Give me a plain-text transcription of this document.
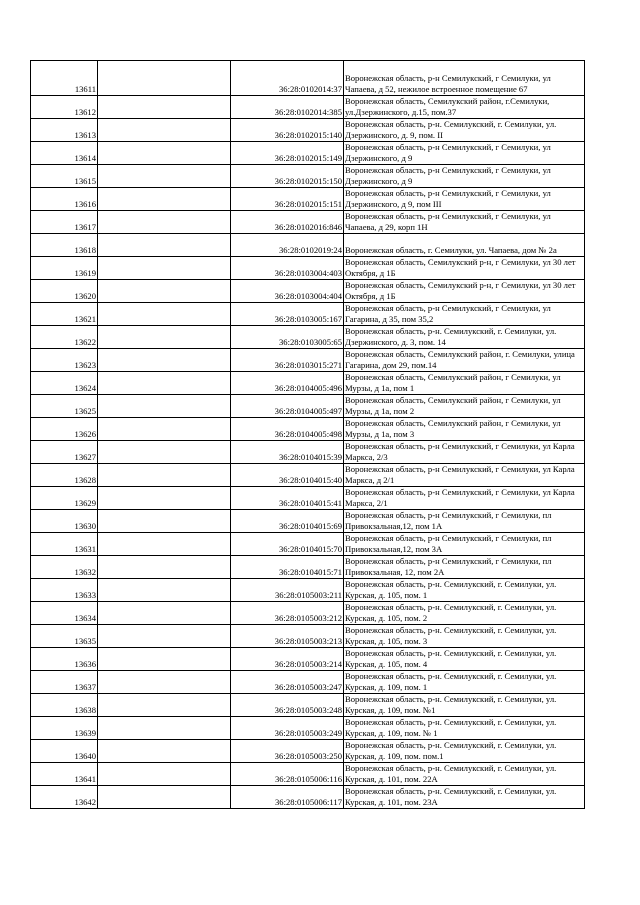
13611		36:28:0102014:37	Воронежская область, р-н Семилукский, г Семилуки, ул Чапаева, д 52, нежилое встроенное помещение 67
13612		36:28:0102014:385	Воронежская область, Семилукский район, г.Семилуки, ул.Дзержинского, д.15, пом.37
13613		36:28:0102015:140	Воронежская область, р-н. Семилукский, г. Семилуки, ул. Дзержинского, д. 9, пом. II
13614		36:28:0102015:149	Воронежская область, р-н Семилукский, г Семилуки, ул Дзержинского, д 9
13615		36:28:0102015:150	Воронежская область, р-н Семилукский, г Семилуки, ул Дзержинского, д 9
13616		36:28:0102015:151	Воронежская область, р-н Семилукский, г Семилуки, ул Дзержинского, д 9, пом III
13617		36:28:0102016:846	Воронежская область, р-н Семилукский, г Семилуки, ул Чапаева, д 29, корп 1Н
13618		36:28:0102019:24	Воронежская область, г. Семилуки, ул. Чапаева, дом № 2а
13619		36:28:0103004:403	Воронежская область, Семилукский р-н, г Семилуки, ул 30 лет Октября, д 1Б
13620		36:28:0103004:404	Воронежская область, Семилукский р-н, г Семилуки, ул 30 лет Октября, д 1Б
13621		36:28:0103005:167	Воронежская область, р-н Семилукский, г Семилуки, ул Гагарина, д 35, пом 35,2
13622		36:28:0103005:65	Воронежская область, р-н. Семилукский, г. Семилуки, ул. Дзержинского, д. 3, пом. 14
13623		36:28:0103015:271	Воронежская область, Семилукский район, г. Семилуки, улица Гагарина, дом 29, пом.14
13624		36:28:0104005:496	Воронежская область, Семилукский район, г Семилуки, ул Мурзы, д 1а, пом 1
13625		36:28:0104005:497	Воронежская область, Семилукский район, г Семилуки, ул Мурзы, д 1а, пом 2
13626		36:28:0104005:498	Воронежская область, Семилукский район, г Семилуки, ул Мурзы, д 1а, пом 3
13627		36:28:0104015:39	Воронежская область, р-н Семилукский, г Семилуки, ул Карла Маркса, 2/3
13628		36:28:0104015:40	Воронежская область, р-н Семилукский, г Семилуки, ул Карла Маркса, д 2/1
13629		36:28:0104015:41	Воронежская область, р-н Семилукский, г Семилуки, ул Карла Маркса, 2/1
13630		36:28:0104015:69	Воронежская область, р-н Семилукский, г Семилуки, пл Привокзальная,12, пом 1А
13631		36:28:0104015:70	Воронежская область, р-н Семилукский, г Семилуки, пл Привокзальная,12, пом 3А
13632		36:28:0104015:71	Воронежская область, р-н Семилукский, г Семилуки, пл Привокзальная, 12, пом 2А
13633		36:28:0105003:211	Воронежская область, р-н. Семилукский, г. Семилуки, ул. Курская, д. 105, пом. 1
13634		36:28:0105003:212	Воронежская область, р-н. Семилукский, г. Семилуки, ул. Курская, д. 105, пом. 2
13635		36:28:0105003:213	Воронежская область, р-н. Семилукский, г. Семилуки, ул. Курская, д. 105, пом. 3
13636		36:28:0105003:214	Воронежская область, р-н. Семилукский, г. Семилуки, ул. Курская, д. 105, пом. 4
13637		36:28:0105003:247	Воронежская область, р-н. Семилукский, г. Семилуки, ул. Курская, д. 109, пом. 1
13638		36:28:0105003:248	Воронежская область, р-н. Семилукский, г. Семилуки, ул. Курская, д. 109, пом. №1
13639		36:28:0105003:249	Воронежская область, р-н. Семилукский, г. Семилуки, ул. Курская, д. 109, пом. № 1
13640		36:28:0105003:250	Воронежская область, р-н. Семилукский, г. Семилуки, ул. Курская, д. 109, пом. пом.1
13641		36:28:0105006:116	Воронежская область, р-н. Семилукский, г. Семилуки, ул. Курская, д. 101, пом. 22А
13642		36:28:0105006:117	Воронежская область, р-н. Семилукский, г. Семилуки, ул. Курская, д. 101, пом. 23А
